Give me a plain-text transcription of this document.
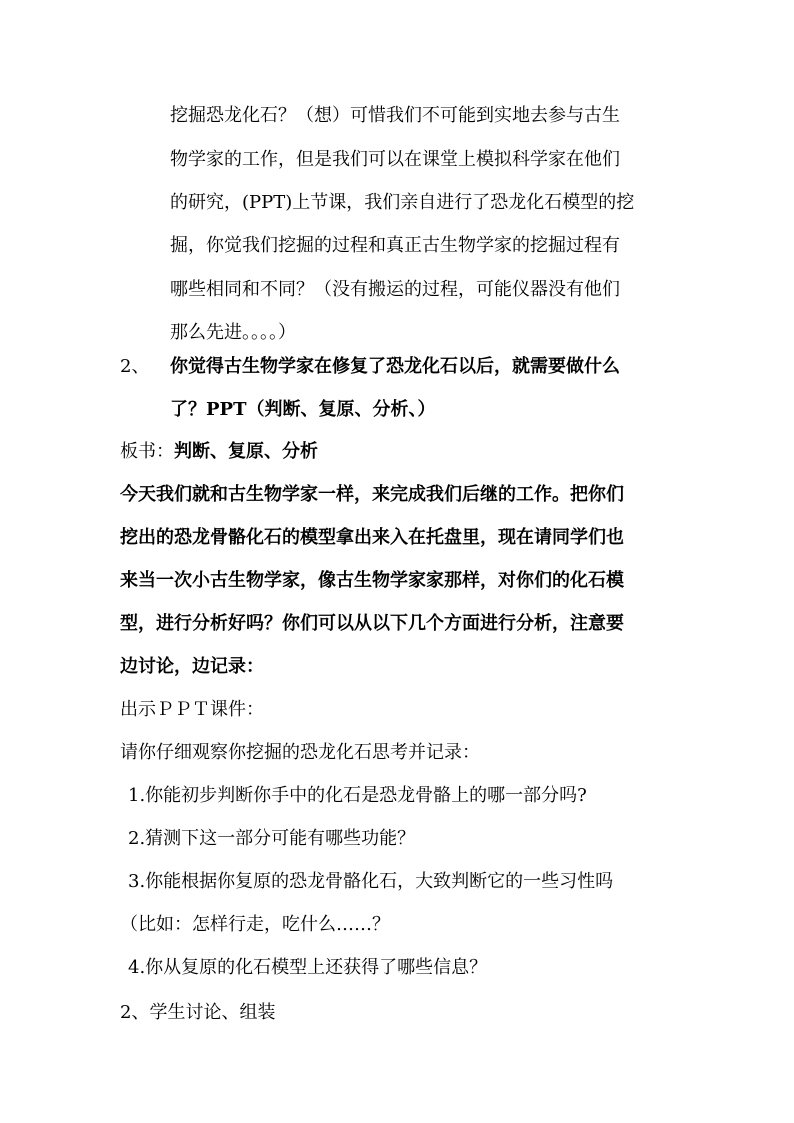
挖掘恐龙化石？（想）可惜我们不可能到实地去参与古生
物学家的工作，但是我们可以在课堂上模拟科学家在他们
的研究，(PPT)上节课，我们亲自进行了恐龙化石模型的挖
掘，你觉我们挖掘的过程和真正古生物学家的挖掘过程有
哪些相同和不同？（没有搬运的过程，可能仪器没有他们
那么先进。。。。）
2、 你觉得古生物学家在修复了恐龙化石以后，就需要做什么
了？PPT（判断、复原、分析、）
板书：判断、复原、分析
今天我们就和古生物学家一样，来完成我们后继的工作。把你们
挖出的恐龙骨骼化石的模型拿出来入在托盘里，现在请同学们也
来当一次小古生物学家，像古生物学家家那样，对你们的化石模
型，进行分析好吗？你们可以从以下几个方面进行分析，注意要
边讨论，边记录：
出示ＰＰＴ课件：
请你仔细观察你挖掘的恐龙化石思考并记录：
1.你能初步判断你手中的化石是恐龙骨骼上的哪一部分吗?
2.猜测下这一部分可能有哪些功能？
3.你能根据你复原的恐龙骨骼化石，大致判断它的一些习性吗
（比如：怎样行走，吃什么……？
4.你从复原的化石模型上还获得了哪些信息？
2、学生讨论、组装
